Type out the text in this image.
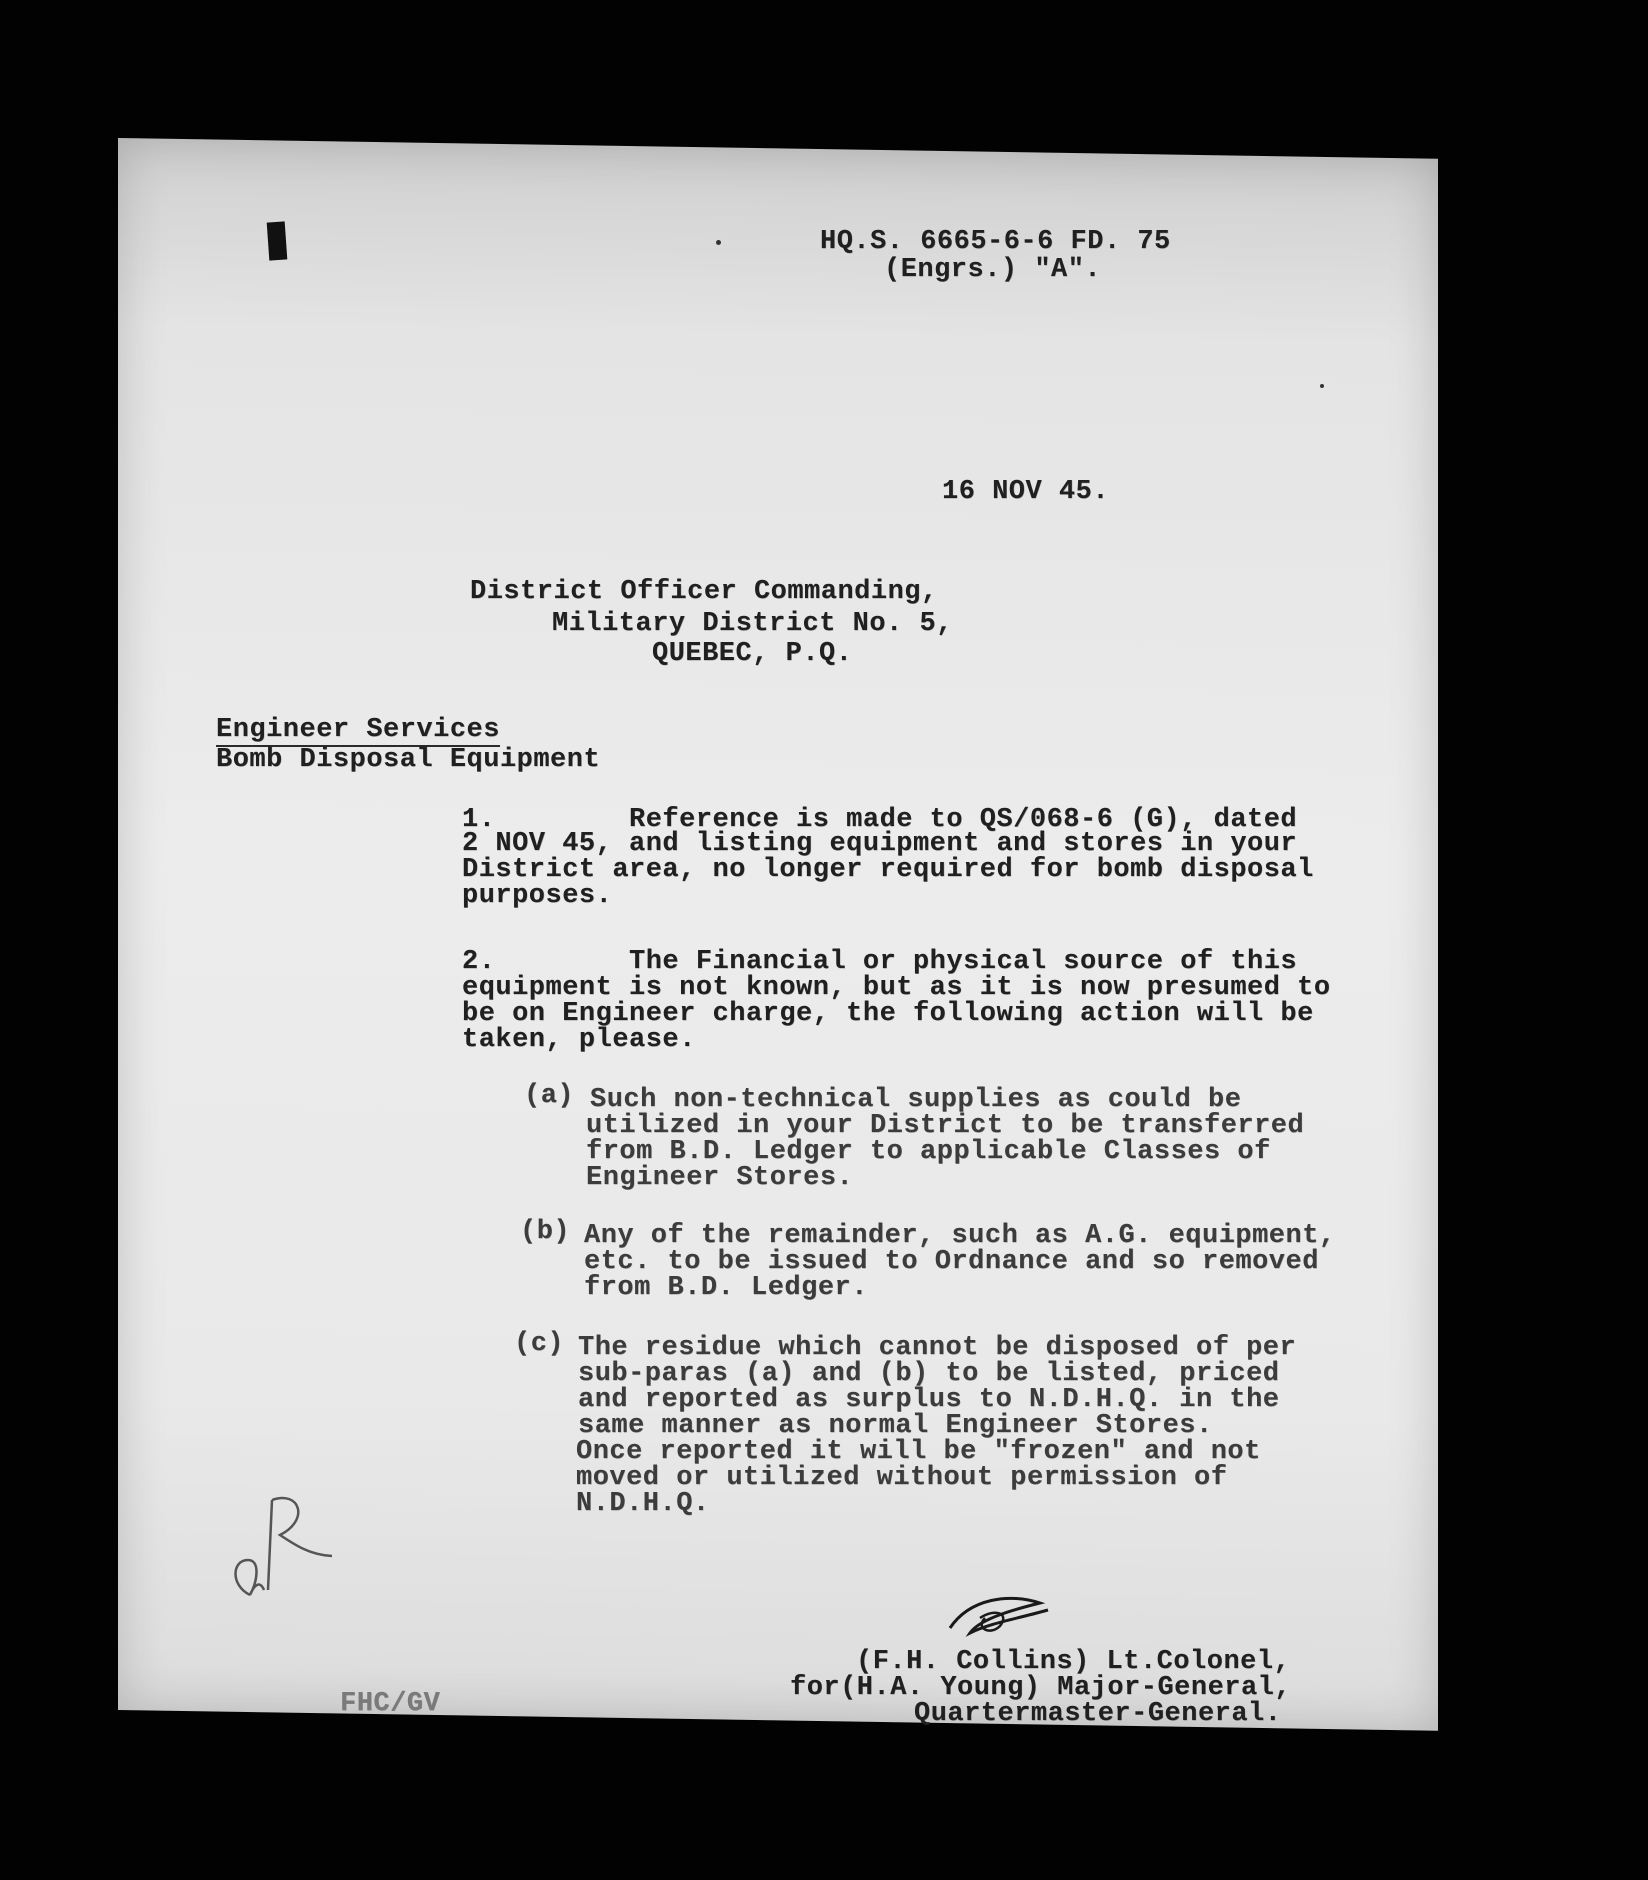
HQ.S. 6665-6-6 FD. 75
(Engrs.) "A".
16 NOV 45.
District Officer Commanding,
Military District No. 5,
QUEBEC, P.Q.
Engineer Services
Bomb Disposal Equipment
1.        Reference is made to QS/068-6 (G), dated
2 NOV 45, and listing equipment and stores in your
District area, no longer required for bomb disposal
purposes.
2.        The Financial or physical source of this
equipment is not known, but as it is now presumed to
be on Engineer charge, the following action will be
taken, please.
(a) Such non-technical supplies as could be
utilized in your District to be transferred
from B.D. Ledger to applicable Classes of
Engineer Stores.
(b) Any of the remainder, such as A.G. equipment,
etc. to be issued to Ordnance and so removed
from B.D. Ledger.
(c) The residue which cannot be disposed of per
sub-paras (a) and (b) to be listed, priced
and reported as surplus to N.D.H.Q. in the
same manner as normal Engineer Stores.
Once reported it will be "frozen" and not
moved or utilized without permission of
N.D.H.Q.
(F.H. Collins) Lt.Colonel,
for(H.A. Young) Major-General,
Quartermaster-General.
FHC/GV
